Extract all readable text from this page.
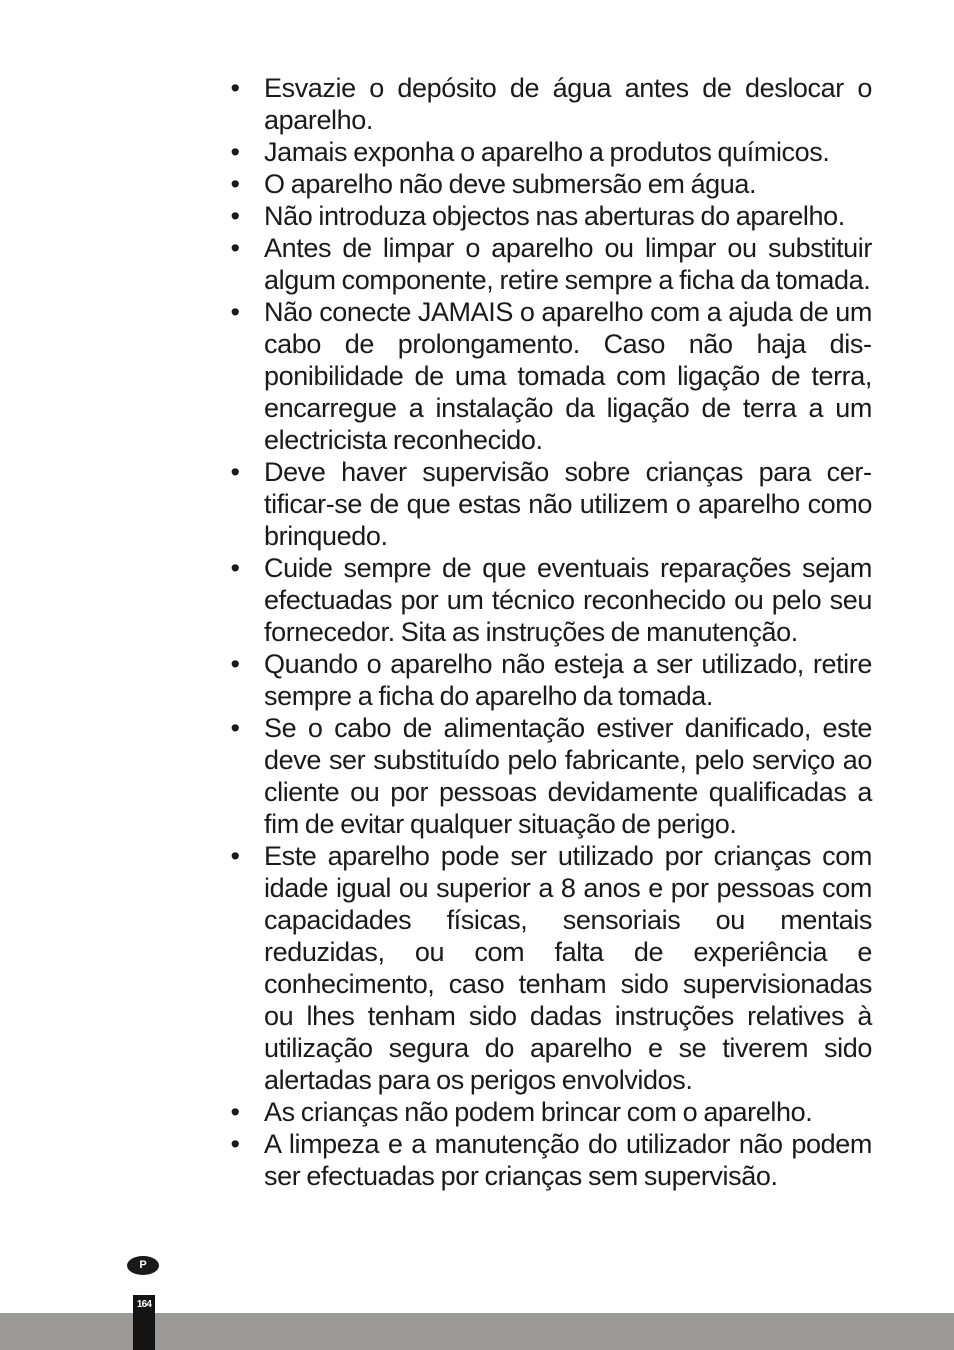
• Esvazie o depósito de água antes de deslocar o aparelho.
• Jamais exponha o aparelho a produtos químicos.
• O aparelho não deve submersão em água.
• Não introduza objectos nas aberturas do aparelho.
• Antes de limpar o aparelho ou limpar ou substituir algum componente, retire sempre a ficha da tomada.
• Não conecte JAMAIS o aparelho com a ajuda de um cabo de prolongamento. Caso não haja disponibilidade de uma tomada com ligação de terra, encarregue a instalação da ligação de terra a um electricista reconhecido.
• Deve haver supervisão sobre crianças para certificar-se de que estas não utilizem o aparelho como brinquedo.
• Cuide sempre de que eventuais reparações sejam efectuadas por um técnico reconhecido ou pelo seu fornecedor. Sita as instruções de manutenção.
• Quando o aparelho não esteja a ser utilizado, retire sempre a ficha do aparelho da tomada.
• Se o cabo de alimentação estiver danificado, este deve ser substituído pelo fabricante, pelo serviço ao cliente ou por pessoas devidamente qualificadas a fim de evitar qualquer situação de perigo.
• Este aparelho pode ser utilizado por crianças com idade igual ou superior a 8 anos e por pessoas com capacidades físicas, sensoriais ou mentais reduzidas, ou com falta de experiência e conhecimento, caso tenham sido supervisionadas ou lhes tenham sido dadas instruções relatives à utilização segura do aparelho e se tiverem sido alertadas para os perigos envolvidos.
• As crianças não podem brincar com o aparelho.
• A limpeza e a manutenção do utilizador não podem ser efectuadas por crianças sem supervisão.
P
164
